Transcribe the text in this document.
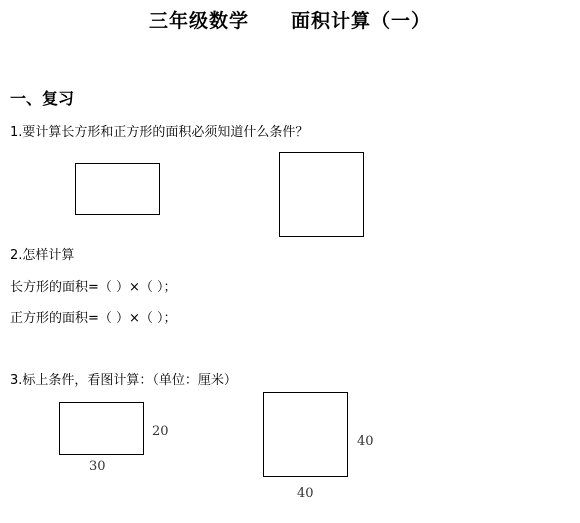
三年级数学 面积计算（一）
一、复习
1.要计算长方形和正方形的面积必须知道什么条件？
2.怎样计算
长方形的面积=（ ）×（ ）；
正方形的面积=（ ）×（ ）；
3.标上条件，看图计算：（单位：厘米）
20
30
40
40
